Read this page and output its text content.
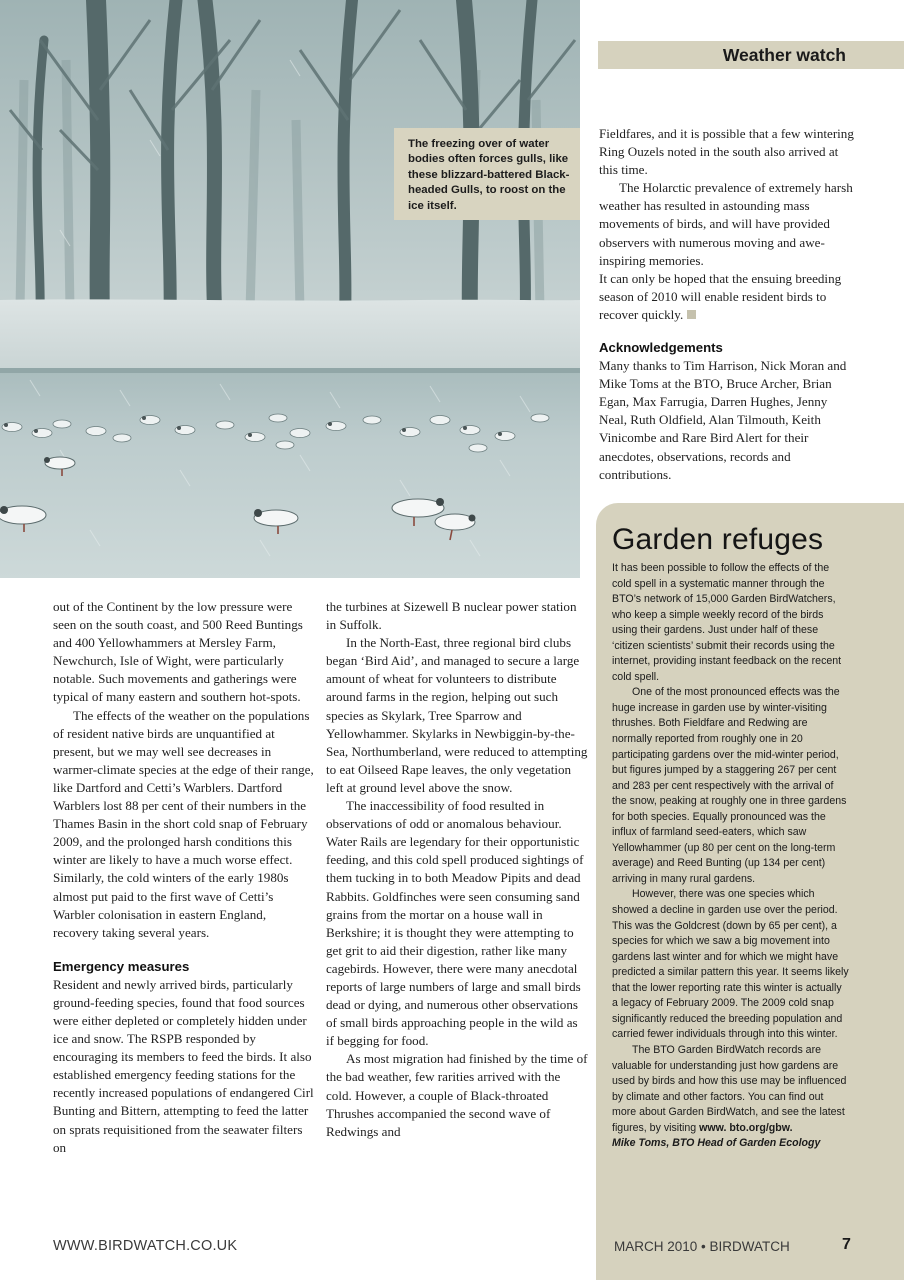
The freezing over of water bodies often forces gulls, like these blizzard-battered Black-headed Gulls, to roost on the ice itself.
Weather watch

Fieldfares, and it is possible that a few wintering Ring Ouzels noted in the south also arrived at this time.

The Holarctic prevalence of extremely harsh weather has resulted in astounding mass movements of birds, and will have provided observers with numerous moving and awe-inspiring memories.

It can only be hoped that the ensuing breeding season of 2010 will enable resident birds to recover quickly.

Acknowledgements

Many thanks to Tim Harrison, Nick Moran and Mike Toms at the BTO, Bruce Archer, Brian Egan, Max Farrugia, Darren Hughes, Jenny Neal, Ruth Oldfield, Alan Tilmouth, Keith Vinicombe and Rare Bird Alert for their anecdotes, observations, records and contributions.

out of the Continent by the low pressure were seen on the south coast, and 500 Reed Buntings and 400 Yellowhammers at Mersley Farm, Newchurch, Isle of Wight, were particularly notable. Such movements and gatherings were typical of many eastern and southern hot-spots.

The effects of the weather on the populations of resident native birds are unquantified at present, but we may well see decreases in warmer-climate species at the edge of their range, like Dartford and Cetti’s Warblers. Dartford Warblers lost 88 per cent of their numbers in the Thames Basin in the short cold snap of February 2009, and the prolonged harsh conditions this winter are likely to have a much worse effect. Similarly, the cold winters of the early 1980s almost put paid to the first wave of Cetti’s Warbler colonisation in eastern England, recovery taking several years.

Emergency measures

Resident and newly arrived birds, particularly ground-feeding species, found that food sources were either depleted or completely hidden under ice and snow. The RSPB responded by encouraging its members to feed the birds. It also established emergency feeding stations for the recently increased populations of endangered Cirl Bunting and Bittern, attempting to feed the latter on sprats requisitioned from the seawater filters on

the turbines at Sizewell B nuclear power station in Suffolk.

In the North-East, three regional bird clubs began ‘Bird Aid’, and managed to secure a large amount of wheat for volunteers to distribute around farms in the region, helping out such species as Skylark, Tree Sparrow and Yellowhammer. Skylarks in Newbiggin-by-the-Sea, Northumberland, were reduced to attempting to eat Oilseed Rape leaves, the only vegetation left at ground level above the snow.

The inaccessibility of food resulted in observations of odd or anomalous behaviour. Water Rails are legendary for their opportunistic feeding, and this cold spell produced sightings of them tucking in to both Meadow Pipits and dead Rabbits. Goldfinches were seen consuming sand grains from the mortar on a house wall in Berkshire; it is thought they were attempting to get grit to aid their digestion, rather like many cagebirds. However, there were many anecdotal reports of large numbers of large and small birds dead or dying, and numerous other observations of small birds approaching people in the wild as if begging for food.

As most migration had finished by the time of the bad weather, few rarities arrived with the cold. However, a couple of Black-throated Thrushes accompanied the second wave of Redwings and

Garden refuges

It has been possible to follow the effects of the cold spell in a systematic manner through the BTO’s network of 15,000 Garden BirdWatchers, who keep a simple weekly record of the birds using their gardens. Just under half of these ‘citizen scientists’ submit their records using the internet, providing instant feedback on the recent cold spell.

One of the most pronounced effects was the huge increase in garden use by winter-visiting thrushes. Both Fieldfare and Redwing are normally reported from roughly one in 20 participating gardens over the mid-winter period, but figures jumped by a staggering 267 per cent and 283 per cent respectively with the arrival of the snow, peaking at roughly one in three gardens for both species. Equally pronounced was the influx of farmland seed-eaters, which saw Yellowhammer (up 80 per cent on the long-term average) and Reed Bunting (up 134 per cent) arriving in many rural gardens.

However, there was one species which showed a decline in garden use over the period. This was the Goldcrest (down by 65 per cent), a species for which we saw a big movement into gardens last winter and for which we might have predicted a similar pattern this year. It seems likely that the lower reporting rate this winter is actually a legacy of February 2009. The 2009 cold snap significantly reduced the breeding population and carried fewer individuals through into this winter.

The BTO Garden BirdWatch records are valuable for understanding just how gardens are used by birds and how this use may be influenced by climate and other factors. You can find out more about Garden BirdWatch, and see the latest figures, by visiting www. bto.org/gbw.

Mike Toms, BTO Head of Garden Ecology

WWW.BIRDWATCH.CO.UK	MARCH 2010 • BIRDWATCH	7
